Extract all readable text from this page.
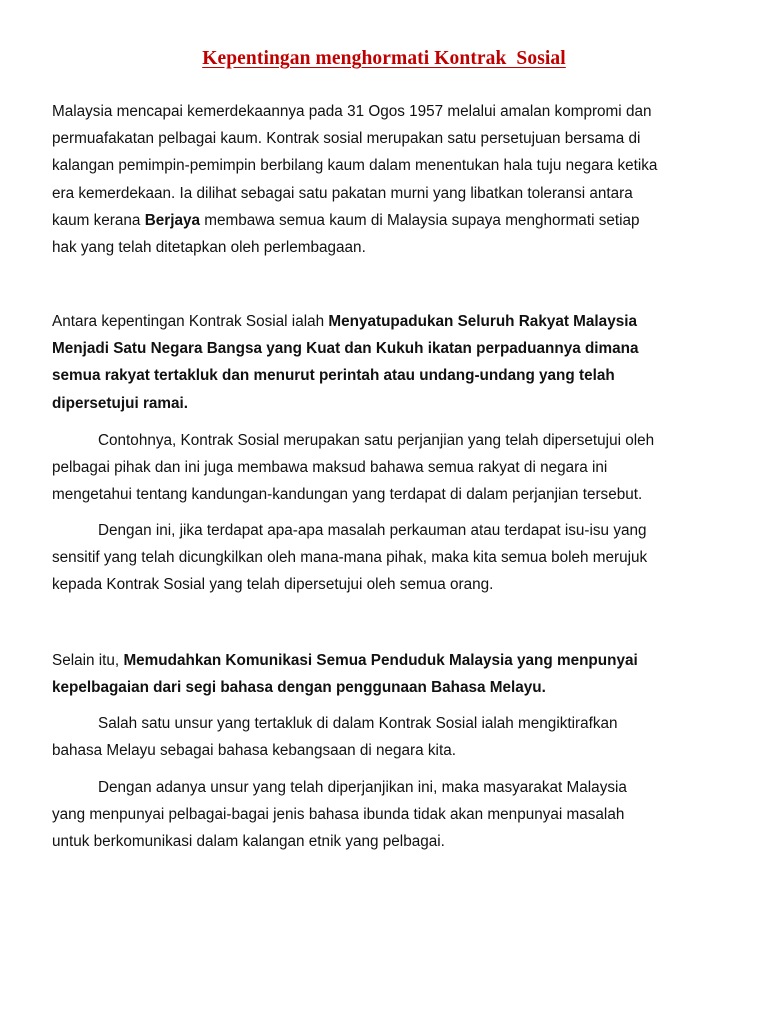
Kepentingan menghormati Kontrak  Sosial

Malaysia mencapai kemerdekaannya pada 31 Ogos 1957 melalui amalan kompromi dan
permuafakatan pelbagai kaum. Kontrak sosial merupakan satu persetujuan bersama di
kalangan pemimpin-pemimpin berbilang kaum dalam menentukan hala tuju negara ketika
era kemerdekaan. Ia dilihat sebagai satu pakatan murni yang libatkan toleransi antara
kaum kerana Berjaya membawa semua kaum di Malaysia supaya menghormati setiap
hak yang telah ditetapkan oleh perlembagaan.

Antara kepentingan Kontrak Sosial ialah Menyatupadukan Seluruh Rakyat Malaysia
Menjadi Satu Negara Bangsa yang Kuat dan Kukuh ikatan perpaduannya dimana
semua rakyat tertakluk dan menurut perintah atau undang-undang yang telah
dipersetujui ramai.

Contohnya, Kontrak Sosial merupakan satu perjanjian yang telah dipersetujui oleh
pelbagai pihak dan ini juga membawa maksud bahawa semua rakyat di negara ini
mengetahui tentang kandungan-kandungan yang terdapat di dalam perjanjian tersebut.

Dengan ini, jika terdapat apa-apa masalah perkauman atau terdapat isu-isu yang
sensitif yang telah dicungkilkan oleh mana-mana pihak, maka kita semua boleh merujuk
kepada Kontrak Sosial yang telah dipersetujui oleh semua orang.

Selain itu, Memudahkan Komunikasi Semua Penduduk Malaysia yang menpunyai
kepelbagaian dari segi bahasa dengan penggunaan Bahasa Melayu.

Salah satu unsur yang tertakluk di dalam Kontrak Sosial ialah mengiktirafkan
bahasa Melayu sebagai bahasa kebangsaan di negara kita.

Dengan adanya unsur yang telah diperjanjikan ini, maka masyarakat Malaysia
yang menpunyai pelbagai-bagai jenis bahasa ibunda tidak akan menpunyai masalah
untuk berkomunikasi dalam kalangan etnik yang pelbagai.
